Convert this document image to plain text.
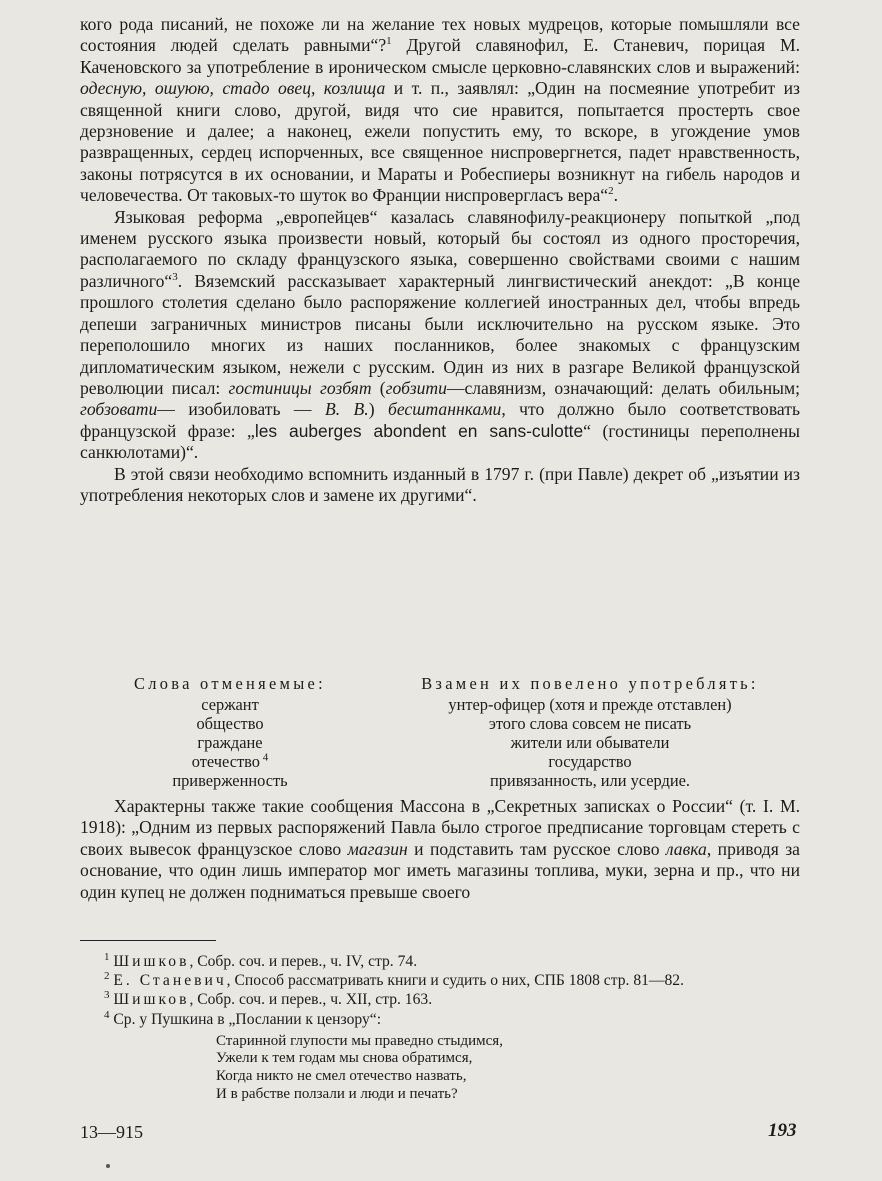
кого рода писаний, не похоже ли на желание тех новых мудрецов, которые помышляли все состояния людей сделать равными“?$^1$ Другой славянофил, Е. Станевич, порицая М. Каченовского за употребление в ироническом смысле церковно-славянских слов и выражений: одесную, ошуюю, стадо овец, козлища и т. п., заявлял: „Один на посмеяние употребит из священной книги слово, другой, видя что сие нравится, попытается простерть свое дерзновение и далее; а наконец, ежели попустить ему, то вскоре, в угождение умов развращенных, сердец испорченных, все священное ниспровергнется, падет нравственность, законы потрясутся в их основании, и Мараты и Робеспиеры возникнут на гибель народов и человечества. От таковых-то шуток во Франции ниспровергласъ вера“$^2$.

Языковая реформа „европейцев“ казалась славянофилу-реакционеру попыткой „под именем русского языка произвести новый, который бы состоял из одного просторечия, располагаемого по складу французского языка, совершенно свойствами своими с нашим различного“$^3$. Вяземский рассказывает характерный лингвистический анекдот: „В конце прошлого столетия сделано было распоряжение коллегией иностранных дел, чтобы впредь депеши заграничных министров писаны были исключительно на русском языке. Это переполошило многих из наших посланников, более знакомых с французским дипломатическим языком, нежели с русским. Один из них в разгаре Великой французской революции писал: гостиницы гозбят (гобзити—славянизм, означающий: делать обильным; гобзовати— изобиловать — В. В.) бесштаннками, что должно было соответствовать французской фразе: „les auberges abondent en sans-culotte“ (гостиницы переполнены санкюлотами)“.

В этой связи необходимо вспомнить изданный в 1797 г. (при Павле) декрет об „изъятии из употребления некоторых слов и замене их другими“.

Слова отменяемые:
сержант
общество
граждане
отечество $^4$
приверженность
Взамен их повелено употреблять:
унтер-офицер (хотя и прежде отставлен)
этого слова совсем не писать
жители или обыватели
государство
привязанность, или усердие.

Характерны также такие сообщения Массона в „Секретных записках о России“ (т. I. М. 1918): „Одним из первых распоряжений Павла было строгое предписание торговцам стереть с своих вывесок французское слово магазин и подставить там русское слово лавка, приводя за основание, что один лишь император мог иметь магазины топлива, муки, зерна и пр., что ни один купец не должен подниматься превыше своего

$^1$ Шишков, Собр. соч. и перев., ч. IV, стр. 74.

$^2$ Е. Станевич, Способ рассматривать книги и судить о них, СПБ 1808 стр. 81—82.

$^3$ Шишков, Собр. соч. и перев., ч. XII, стр. 163.

$^4$ Ср. у Пушкина в „Послании к цензору“:

Старинной глупости мы праведно стыдимся,
Ужели к тем годам мы снова обратимся,
Когда никто не смел отечество назвать,
И в рабстве ползали и люди и печать?
13—915	193
